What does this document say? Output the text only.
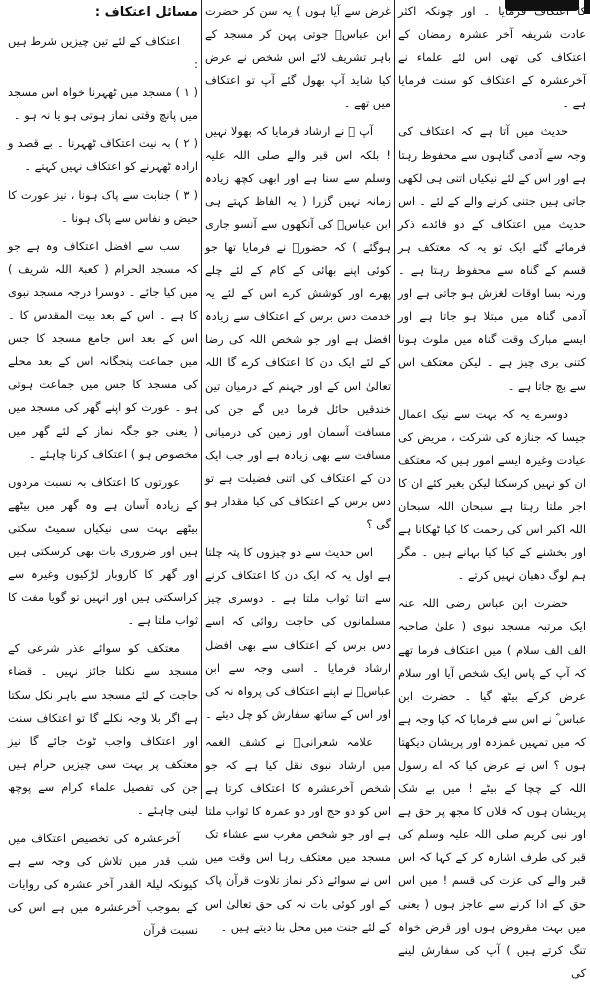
کا اعتکاف فرمایا ۔ اور چونکہ اکثر عادت شریفہ آخر عشرہ رمضان کے اعتکاف کی تھی اس لئے علماء نے آخرعشرہ کے اعتکاف کو سنت فرمایا ہے ۔

حدیث میں آتا ہے کہ اعتکاف کی وجہ سے آدمی گناہوں سے محفوظ رہتا ہے اور اس کے لئے نیکیاں اتنی ہی لکھی جاتی ہیں جتنی کرنے والے کے لئے ۔ اس حدیث میں اعتکاف کے دو فائدے ذکر فرمائے گئے ایک تو یہ کہ معتکف ہر قسم کے گناہ سے محفوظ رہتا ہے ۔ ورنہ بسا اوقات لغزش ہو جاتی ہے اور آدمی گناہ میں مبتلا ہو جاتا ہے اور ایسے مبارک وقت گناہ میں ملوث ہونا کتنی بری چیز ہے ۔ لیکن معتکف اس سے بچ جاتا ہے ۔

دوسرے یہ کہ بہت سے نیک اعمال جیسا کہ جنازہ کی شرکت ، مریض کی عیادت وغیرہ ایسے امور ہیں کہ معتکف ان کو نہیں کرسکتا لیکن بغیر کئے ان کا اجر ملتا رہتا ہے سبحان اللہ سبحان اللہ اکبر اس کی رحمت کا کیا ٹھکانا ہے اور بخشنے کے کیا کیا بہانے ہیں ۔ مگر ہم لوگ دھیان نہیں کرتے ۔

حضرت ابن عباس رضی اللہ عنہ ایک مرتبہ مسجد نبوی ( علیٰ صاحبہ الف الف سلام ) میں اعتکاف فرما تھے کہ آپ کے پاس ایک شخص آیا اور سلام عرض کرکے بیٹھ گیا ۔ حضرت ابن عباس ؓ نے اس سے فرمایا کہ کیا وجہ ہے کہ میں تمہیں غمزدہ اور پریشان دیکھتا ہوں ؟ اس نے عرض کیا کہ اے رسول اللہ کے چچا کے بیٹے ! میں بے شک پریشان ہوں کہ فلاں کا مجھ پر حق ہے اور نبی کریم صلی اللہ علیہ وسلم کی قبر کی طرف اشارہ کر کے کہا کہ اس قبر والے کی عزت کی قسم ! میں اس حق کے ادا کرنے سے عاجز ہوں ( یعنی میں بہت مقروض ہوں اور قرض خواہ تنگ کرتے ہیں ) آپ کی سفارش لینے کی

غرض سے آیا ہوں ) یہ سن کر حضرت ابن عباسؓ جوتی پہن کر مسجد کے باہر تشریف لائے اس شخص نے عرض کیا شاید آپ بھول گئے آپ تو اعتکاف میں تھے ۔

آپ ؓ نے ارشاد فرمایا کہ بھولا نہیں ! بلکہ اس قبر والے صلی اللہ علیہ وسلم سے سنا ہے اور ابھی کچھ زیادہ زمانہ نہیں گزرا ( یہ الفاظ کہتے ہی ابن عباسؓ کی آنکھوں سے آنسو جاری ہوگئے ) کہ حضورؐ نے فرمایا تھا جو کوئی اپنے بھائی کے کام کے لئے چلے پھرے اور کوشش کرے اس کے لئے یہ خدمت دس برس کے اعتکاف سے زیادہ افضل ہے اور جو شخص اللہ کی رضا کے لئے ایک دن کا اعتکاف کرے گا اللہ تعالیٰ اس کے اور جہنم کے درمیان تین خندقیں حائل فرما دیں گے جن کی مسافت آسمان اور زمین کی درمیانی مسافت سے بھی زیادہ ہے اور جب ایک دن کے اعتکاف کی اتنی فضیلت ہے تو دس برس کے اعتکاف کی کیا مقدار ہو گی ؟

اس حدیث سے دو چیزوں کا پتہ چلتا ہے اول یہ کہ ایک دن کا اعتکاف کرنے سے اتنا ثواب ملتا ہے ۔ دوسری چیز مسلمانوں کی حاجت روائی کہ اسے دس برس کے اعتکاف سے بھی افضل ارشاد فرمایا ۔ اسی وجہ سے ابن عباسؓ نے اپنے اعتکاف کی پرواہ نہ کی اور اس کے ساتھ سفارش کو چل دیئے ۔

علامہ شعرانیؒ نے کشف الغمہ میں ارشاد نبوی نقل کیا ہے کہ جو شخص آخرعشرہ کا اعتکاف کرتا ہے اس کو دو حج اور دو عمرہ کا ثواب ملتا ہے اور جو شخص مغرب سے عشاء تک مسجد میں معتکف رہا اس وقت میں اس نے سوائے ذکر نماز تلاوت قرآن پاک کے اور کوئی بات نہ کی حق تعالیٰ اس کے لئے جنت میں محل بنا دیتے ہیں ۔

مسائل اعتکاف :

اعتکاف کے لئے تین چیزیں شرط ہیں :

( ۱ ) مسجد میں ٹھہرنا خواہ اس مسجد میں پانچ وقتی نماز ہوتی ہو یا نہ ہو ۔

( ۲ ) بہ نیت اعتکاف ٹھہرنا ۔ بے قصد و ارادہ ٹھہرنے کو اعتکاف نہیں کہتے ۔

( ۳ ) جنابت سے پاک ہونا ، نیز عورت کا حیض و نفاس سے پاک ہونا ۔

سب سے افضل اعتکاف وہ ہے جو کہ مسجد الحرام ( کعبۃ اللہ شریف ) میں کیا جائے ۔ دوسرا درجہ مسجد نبوی کا ہے ۔ اس کے بعد بیت المقدس کا ۔ اس کے بعد اس جامع مسجد کا جس میں جماعت پنجگانہ اس کے بعد محلے کی مسجد کا جس میں جماعت ہوتی ہو ۔ عورت کو اپنے گھر کی مسجد میں ( یعنی جو جگہ نماز کے لئے گھر میں مخصوص ہو ) اعتکاف کرنا چاہئے ۔

عورتوں کا اعتکاف بہ نسبت مردوں کے زیادہ آسان ہے وہ گھر میں بیٹھے بیٹھے بہت سی نیکیاں سمیٹ سکتی ہیں اور ضروری بات بھی کرسکتی ہیں اور گھر کا کاروبار لڑکیوں وغیرہ سے کراسکتی ہیں اور انہیں تو گویا مفت کا ثواب ملتا ہے ۔

معتکف کو سوائے عذر شرعی کے مسجد سے نکلنا جائز نہیں ۔ قضاء حاجت کے لئے مسجد سے باہر نکل سکتا ہے اگر بلا وجہ نکلے گا تو اعتکاف سنت اور اعتکاف واجب ٹوٹ جائے گا نیز معتکف پر بہت سی چیزیں حرام ہیں جن کی تفصیل علماء کرام سے پوچھ لینی چاہئے ۔

آخرعشرہ کی تخصیص اعتکاف میں شب قدر میں تلاش کی وجہ سے ہے کیونکہ لیلۃ القدر آخر عشرہ کی روایات کے بموجب آخرعشرہ میں ہے اس کی نسبت قرآن
